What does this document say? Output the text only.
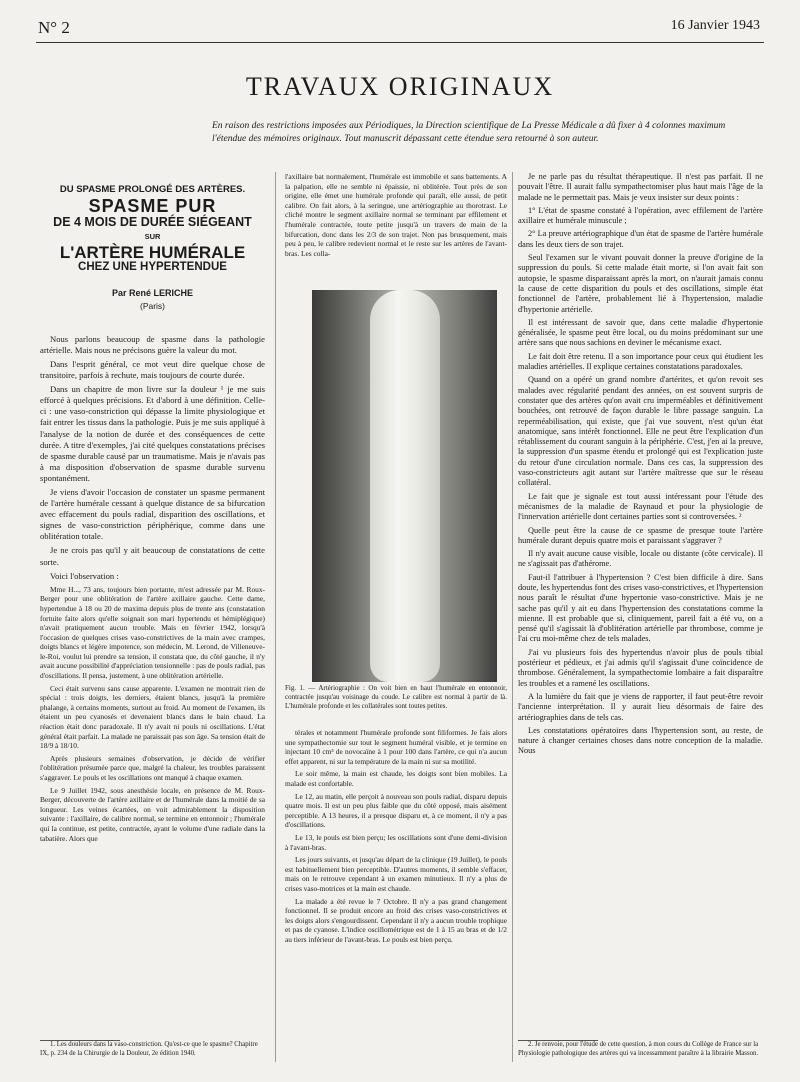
N° 2	16 Janvier 1943
TRAVAUX ORIGINAUX
En raison des restrictions imposées aux Périodiques, la Direction scientifique de La Presse Médicale a dû fixer à 4 colonnes maximum l'étendue des mémoires originaux. Tout manuscrit dépassant cette étendue sera retourné à son auteur.
DU SPASME PROLONGÉ DES ARTÈRES.
SPASME PUR
DE 4 MOIS DE DURÉE SIÉGEANT
SUR
L'ARTÈRE HUMÉRALE
CHEZ UNE HYPERTENDUE
Par René LERICHE
(Paris)

Nous parlons beaucoup de spasme dans la pathologie artérielle. Mais nous ne précisons guère la valeur du mot.

Dans l'esprit général, ce mot veut dire quelque chose de transitoire, parfois à rechute, mais toujours de courte durée.

Dans un chapitre de mon livre sur la douleur ¹ je me suis efforcé à quelques précisions. Et d'abord à une définition. Celle-ci : une vaso-constriction qui dépasse la limite physiologique et fait entrer les tissus dans la pathologie. Puis je me suis appliqué à l'analyse de la notion de durée et des conséquences de cette durée. A titre d'exemples, j'ai cité quelques constatations précises de spasme durable causé par un traumatisme. Mais je n'avais pas à ma disposition d'observation de spasme durable survenu spontanément.

Je viens d'avoir l'occasion de constater un spasme permanent de l'artère humérale cessant à quelque distance de sa bifurcation avec effacement du pouls radial, disparition des oscillations, et signes de vaso-constriction périphérique, comme dans une oblitération totale.

Je ne crois pas qu'il y ait beaucoup de constatations de cette sorte.

Voici l'observation :

Mme H..., 73 ans, toujours bien portante, m'est adressée par M. Roux-Berger pour une oblitération de l'artère axillaire gauche. Cette dame, hypertendue à 18 ou 20 de maxima depuis plus de trente ans (constatation fortuite faite alors qu'elle soignait son mari hypertendu et hémiplégique) n'avait pratiquement aucun trouble. Mais en février 1942, lorsqu'à l'occasion de quelques crises vaso-constrictives de la main avec crampes, doigts blancs et légère impotence, son médecin, M. Lerond, de Villeneuve-le-Roi, voulut lui prendre sa tension, il constata que, du côté gauche, il n'y avait aucune possibilité d'appréciation tensionnelle : pas de pouls radial, pas d'oscillations. Il pensa, justement, à une oblitération artérielle.

Ceci était survenu sans cause apparente. L'examen ne montrait rien de spécial : trois doigts, les derniers, étaient blancs, jusqu'à la première phalange, à certains moments, surtout au froid. Au moment de l'examen, ils étaient un peu cyanosés et devenaient blancs dans le bain chaud. La réaction était donc paradoxale. Il n'y avait ni pouls ni oscillations. L'état général était parfait. La malade ne paraissait pas son âge. Sa tension était de 18/9 à 18/10.

Après plusieurs semaines d'observation, je décide de vérifier l'oblitération présumée parce que, malgré la chaleur, les troubles paraissent s'aggraver. Le pouls et les oscillations ont manqué à chaque examen.

Le 9 Juillet 1942, sous anesthésie locale, en présence de M. Roux-Berger, découverte de l'artère axillaire et de l'humérale dans la moitié de sa longueur. Les veines écartées, on voit admirablement la disposition suivante : l'axillaire, de calibre normal, se termine en entonnoir ; l'humérale qui la continue, est petite, contractée, ayant le volume d'une radiale dans la tabatière. Alors que

1. Les douleurs dans la vaso-constriction. Qu'est-ce que le spasme? Chapitre IX, p. 234 de la Chirurgie de la Douleur, 2e édition 1940.
l'axillaire bat normalement, l'humérale est immobile et sans battements. A la palpation, elle ne semble ni épaissie, ni oblitérée. Tout près de son origine, elle émet une humérale profonde qui paraît, elle aussi, de petit calibre. On fait alors, à la seringue, une artériographie au thorotrast. Le cliché montre le segment axillaire normal se terminant par effilement et l'humérale contractée, toute petite jusqu'à un travers de main de la bifurcation, donc dans les 2/3 de son trajet. Non pas brusquement, mais peu à peu, le calibre redevient normal et le reste sur les artères de l'avant-bras. Les colla-
Fig. 1. — Artériographie : On voit bien en haut l'humérale en entonnoir, contractée jusqu'au voisinage du coude. Le calibre est normal à partir de là. L'humérale profonde et les collatérales sont toutes petites.

térales et notamment l'humérale profonde sont filiformes. Je fais alors une sympathectomie sur tout le segment huméral visible, et je termine en injectant 10 cm³ de novocaïne à 1 pour 100 dans l'artère, ce qui n'a aucun effet apparent, ni sur la température de la main ni sur sa motilité.

Le soir même, la main est chaude, les doigts sont bien mobiles. La malade est confortable.

Le 12, au matin, elle perçoit à nouveau son pouls radial, disparu depuis quatre mois. Il est un peu plus faible que du côté opposé, mais aisément perceptible. A 13 heures, il a presque disparu et, à ce moment, il n'y a pas d'oscillations.

Le 13, le pouls est bien perçu; les oscillations sont d'une demi-division à l'avant-bras.

Les jours suivants, et jusqu'au départ de la clinique (19 Juillet), le pouls est habituellement bien perceptible. D'autres moments, il semble s'effacer, mais on le retrouve cependant à un examen minutieux. Il n'y a plus de crises vaso-motrices et la main est chaude.

La malade a été revue le 7 Octobre. Il n'y a pas grand changement fonctionnel. Il se produit encore au froid des crises vaso-constrictives et les doigts alors s'engourdissent. Cependant il n'y a aucun trouble trophique et pas de cyanose. L'indice oscillométrique est de 1 à 15 au bras et de 1/2 au tiers inférieur de l'avant-bras. Le pouls est bien perçu.

Je ne parle pas du résultat thérapeutique. Il n'est pas parfait. Il ne pouvait l'être. Il aurait fallu sympathectomiser plus haut mais l'âge de la malade ne le permettait pas. Mais je veux insister sur deux points :

1° L'état de spasme constaté à l'opération, avec effilement de l'artère axillaire et humérale minuscule ;

2° La preuve artériographique d'un état de spasme de l'artère humérale dans les deux tiers de son trajet.

Seul l'examen sur le vivant pouvait donner la preuve d'origine de la suppression du pouls. Si cette malade était morte, si l'on avait fait son autopsie, le spasme disparaissant après la mort, on n'aurait jamais connu la cause de cette disparition du pouls et des oscillations, simple état fonctionnel de l'artère, probablement lié à l'hypertension, maladie d'hypertonie artérielle.

Il est intéressant de savoir que, dans cette maladie d'hypertonie généralisée, le spasme peut être local, ou du moins prédominant sur une artère sans que nous sachions en deviner le mécanisme exact.

Le fait doit être retenu. Il a son importance pour ceux qui étudient les maladies artérielles. Il explique certaines constatations paradoxales.

Quand on a opéré un grand nombre d'artérites, et qu'on revoit ses malades avec régularité pendant des années, on est souvent surpris de constater que des artères qu'on avait cru imperméables et définitivement bouchées, ont retrouvé de façon durable le libre passage sanguin. La reperméabilisation, qui existe, que j'ai vue souvent, n'est qu'un état anatomique, sans intérêt fonctionnel. Elle ne peut être l'explication d'un rétablissement du courant sanguin à la périphérie. C'est, j'en ai la preuve, la suppression d'un spasme étendu et prolongé qui est l'explication juste du retour d'une circulation normale. Dans ces cas, la suppression des vaso-constricteurs agit autant sur l'artère maîtresse que sur le réseau collatéral.

Le fait que je signale est tout aussi intéressant pour l'étude des mécanismes de la maladie de Raynaud et pour la physiologie de l'innervation artérielle dont certaines parties sont si controversées. ²

Quelle peut être la cause de ce spasme de presque toute l'artère humérale durant depuis quatre mois et paraissant s'aggraver ?

Il n'y avait aucune cause visible, locale ou distante (côte cervicale). Il ne s'agissait pas d'athérome.

Faut-il l'attribuer à l'hypertension ? C'est bien difficile à dire. Sans doute, les hypertendus font des crises vaso-constrictives, et l'hypertension nous paraît le résultat d'une hypertonie vaso-constrictive. Mais je ne sache pas qu'il y ait eu dans l'hypertension des constatations comme la mienne. Il est probable que si, cliniquement, pareil fait a été vu, on a pensé qu'il s'agissait là d'oblitération artérielle par thrombose, comme je l'ai cru moi-même chez de tels malades.

J'ai vu plusieurs fois des hypertendus n'avoir plus de pouls tibial postérieur et pédieux, et j'ai admis qu'il s'agissait d'une coïncidence de thrombose. Généralement, la sympathectomie lombaire a fait disparaître les troubles et a ramené les oscillations.

A la lumière du fait que je viens de rapporter, il faut peut-être revoir l'ancienne interprétation. Il y aurait lieu désormais de faire des artériographies dans de tels cas.

Les constatations opératoires dans l'hypertension sont, au reste, de nature à changer certaines choses dans notre conception de la maladie. Nous

2. Je renvoie, pour l'étude de cette question, à mon cours du Collège de France sur la Physiologie pathologique des artères qui va incessamment paraître à la librairie Masson.
